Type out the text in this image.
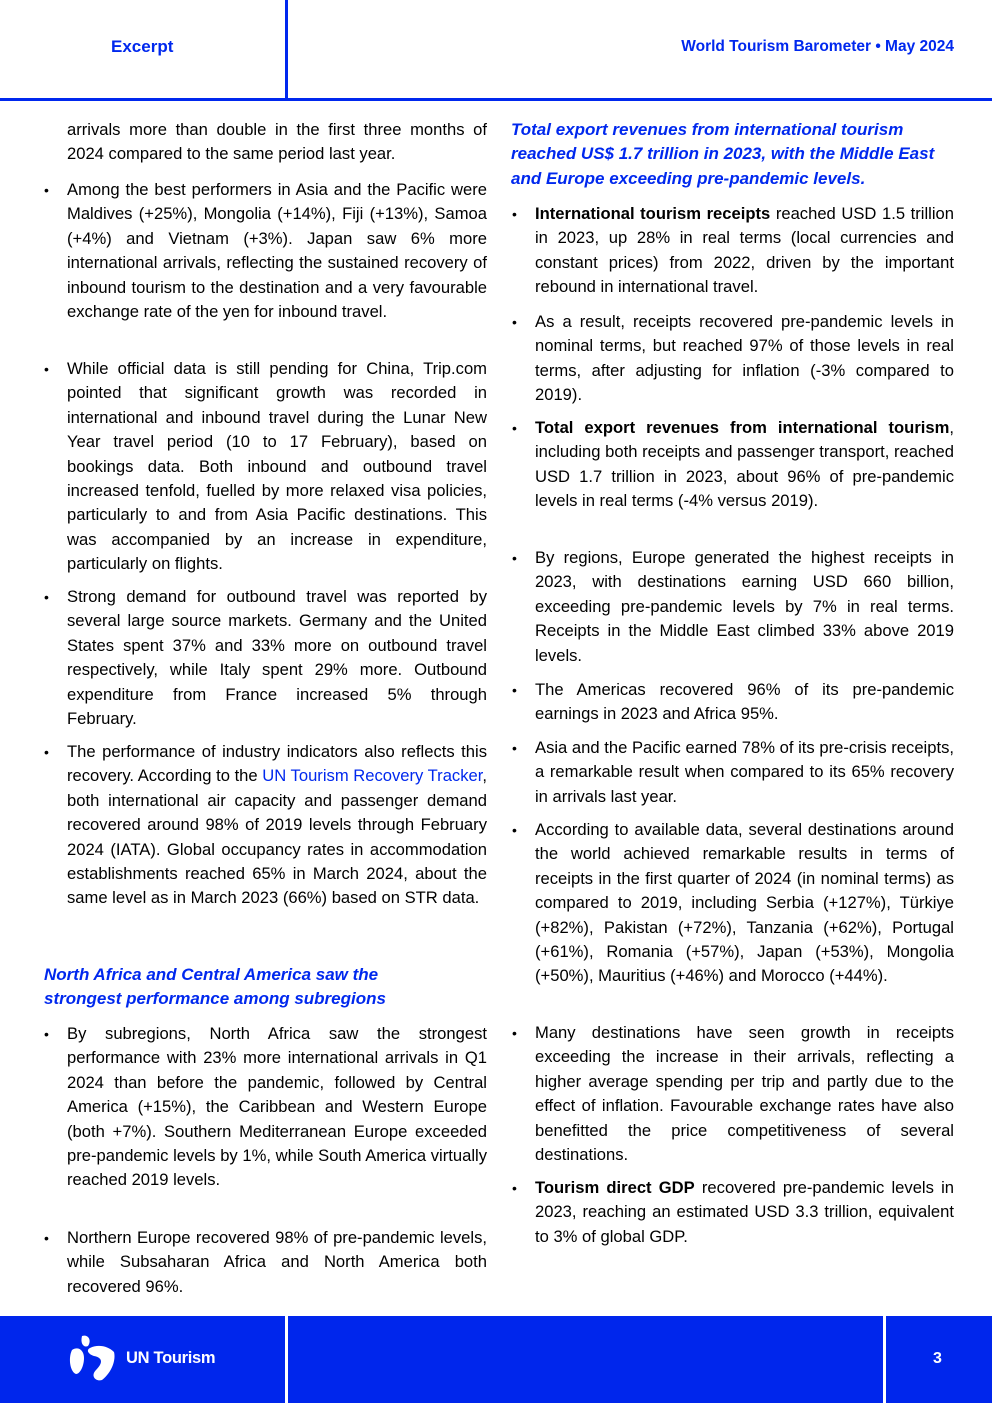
Excerpt	World Tourism Barometer • May 2024
arrivals more than double in the first three months of 2024 compared to the same period last year.
• Among the best performers in Asia and the Pacific were Maldives (+25%), Mongolia (+14%), Fiji (+13%), Samoa (+4%) and Vietnam (+3%). Japan saw 6% more international arrivals, reflecting the sustained recovery of inbound tourism to the destination and a very favourable exchange rate of the yen for inbound travel.
• While official data is still pending for China, Trip.com pointed that significant growth was recorded in international and inbound travel during the Lunar New Year travel period (10 to 17 February), based on bookings data. Both inbound and outbound travel increased tenfold, fuelled by more relaxed visa policies, particularly to and from Asia Pacific destinations. This was accompanied by an increase in expenditure, particularly on flights.
• Strong demand for outbound travel was reported by several large source markets. Germany and the United States spent 37% and 33% more on outbound travel respectively, while Italy spent 29% more. Outbound expenditure from France increased 5% through February.
• The performance of industry indicators also reflects this recovery. According to the UN Tourism Recovery Tracker, both international air capacity and passenger demand recovered around 98% of 2019 levels through February 2024 (IATA). Global occupancy rates in accommodation establishments reached 65% in March 2024, about the same level as in March 2023 (66%) based on STR data.
North Africa and Central America saw the strongest performance among subregions
• By subregions, North Africa saw the strongest performance with 23% more international arrivals in Q1 2024 than before the pandemic, followed by Central America (+15%), the Caribbean and Western Europe (both +7%). Southern Mediterranean Europe exceeded pre-pandemic levels by 1%, while South America virtually reached 2019 levels.
• Northern Europe recovered 98% of pre-pandemic levels, while Subsaharan Africa and North America both recovered 96%.
Total export revenues from international tourism reached US$ 1.7 trillion in 2023, with the Middle East and Europe exceeding pre-pandemic levels.
• International tourism receipts reached USD 1.5 trillion in 2023, up 28% in real terms (local currencies and constant prices) from 2022, driven by the important rebound in international travel.
• As a result, receipts recovered pre-pandemic levels in nominal terms, but reached 97% of those levels in real terms, after adjusting for inflation (-3% compared to 2019).
• Total export revenues from international tourism, including both receipts and passenger transport, reached USD 1.7 trillion in 2023, about 96% of pre-pandemic levels in real terms (-4% versus 2019).
• By regions, Europe generated the highest receipts in 2023, with destinations earning USD 660 billion, exceeding pre-pandemic levels by 7% in real terms. Receipts in the Middle East climbed 33% above 2019 levels.
• The Americas recovered 96% of its pre-pandemic earnings in 2023 and Africa 95%.
• Asia and the Pacific earned 78% of its pre-crisis receipts, a remarkable result when compared to its 65% recovery in arrivals last year.
• According to available data, several destinations around the world achieved remarkable results in terms of receipts in the first quarter of 2024 (in nominal terms) as compared to 2019, including Serbia (+127%), Türkiye (+82%), Pakistan (+72%), Tanzania (+62%), Portugal (+61%), Romania (+57%), Japan (+53%), Mongolia (+50%), Mauritius (+46%) and Morocco (+44%).
• Many destinations have seen growth in receipts exceeding the increase in their arrivals, reflecting a higher average spending per trip and partly due to the effect of inflation. Favourable exchange rates have also benefitted the price competitiveness of several destinations.
• Tourism direct GDP recovered pre-pandemic levels in 2023, reaching an estimated USD 3.3 trillion, equivalent to 3% of global GDP.
UN Tourism	3
